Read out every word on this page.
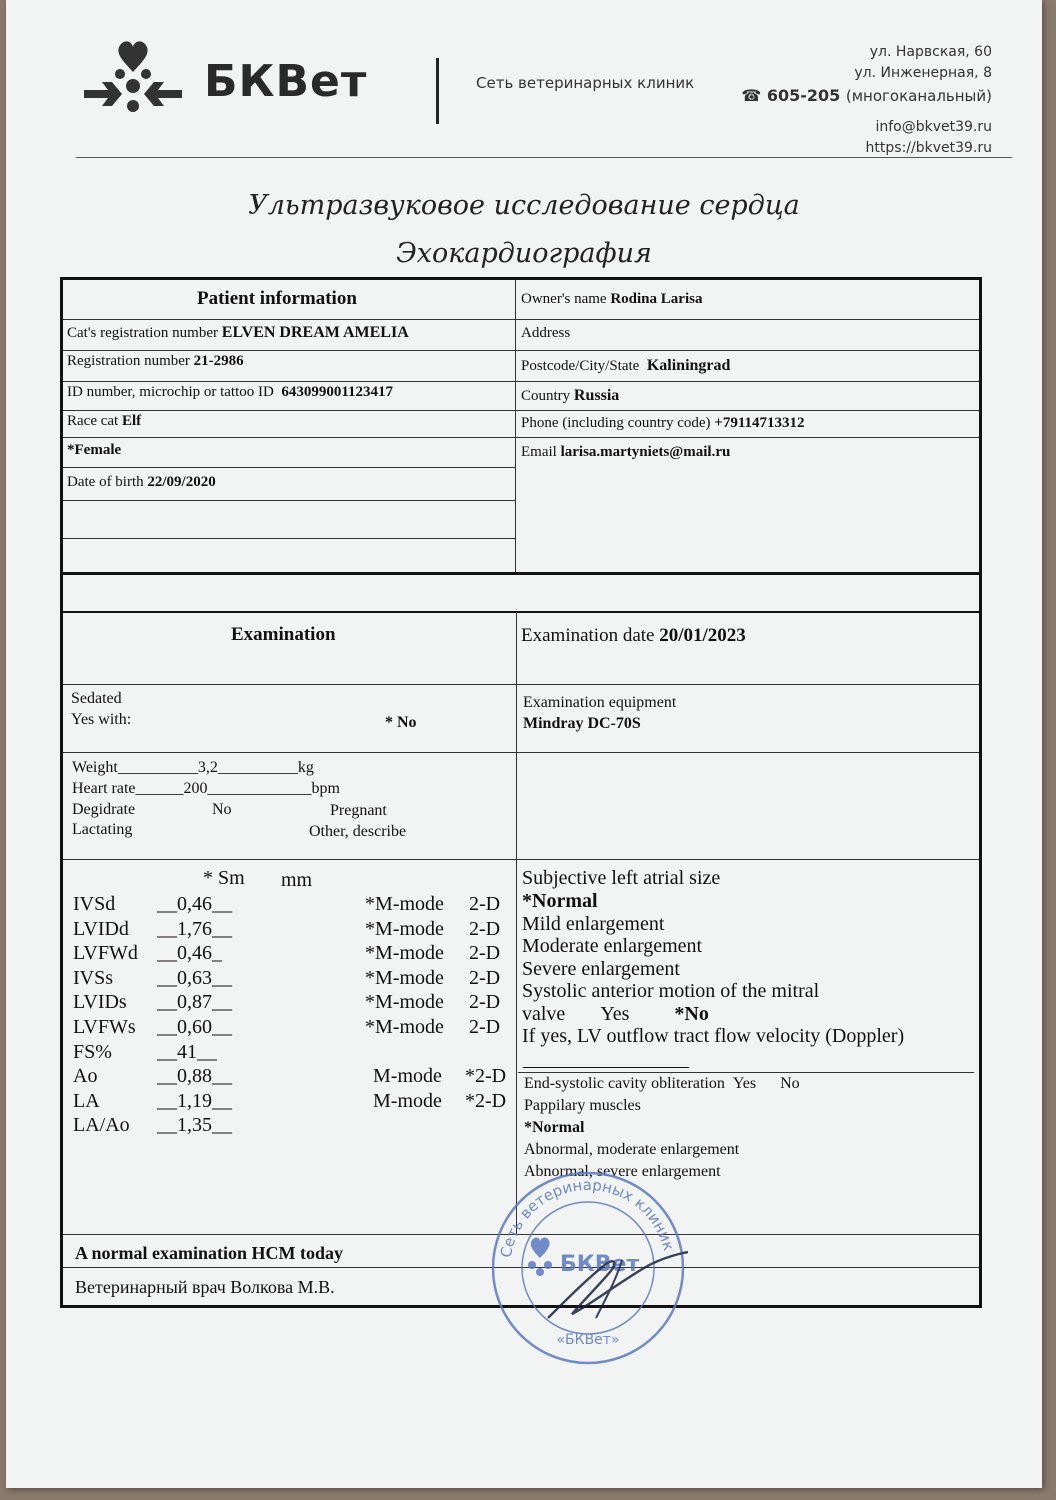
БКВет	Сеть ветеринарных клиник
ул. Нарвская, 60
ул. Инженерная, 8
☎ 605-205 (многоканальный)
info@bkvet39.ru
https://bkvet39.ru
Ультразвуковое исследование сердца
Эхокардиография
Patient information
Cat's registration number ELVEN DREAM AMELIA
Registration number 21-2986
ID number, microchip or tattoo ID 643099001123417
Race cat Elf
*Female
Date of birth 22/09/2020
Owner's name Rodina Larisa
Address
Postcode/City/State Kaliningrad
Country Russia
Phone (including country code) +79114713312
Email larisa.martyniets@mail.ru
Examination	Examination date 20/01/2023
Sedated
Yes with:	* No
Examination equipment
Mindray DC-70S
Weight__________3,2__________kg
Heart rate______200_____________bpm
Degidrate	No	Pregnant
Lactating	Other, describe
* Sm mm
IVSd __0,46__	*M-mode 2-D
LVIDd __1,76__	*M-mode 2-D
LVFWd __0,46_	*M-mode 2-D
IVSs __0,63__	*M-mode 2-D
LVIDs __0,87__	*M-mode 2-D
LVFWs __0,60__	*M-mode 2-D
FS% __41__
Ao	__0,88__	M-mode *2-D
LA	__1,19__	M-mode *2-D
LA/Ao __1,35__
Subjective left atrial size
*Normal
Mild enlargement
Moderate enlargement
Severe enlargement
Systolic anterior motion of the mitral
valve Yes *No
If yes, LV outflow tract flow velocity (Doppler)
End-systolic cavity obliteration Yes No
Pappilary muscles
*Normal
Abnormal, moderate enlargement
Abnormal, severe enlargement
A normal examination HCM today
Ветеринарный врач Волкова М.В.
Сеть ветеринарных клиник
БКВет
«БКВет»
